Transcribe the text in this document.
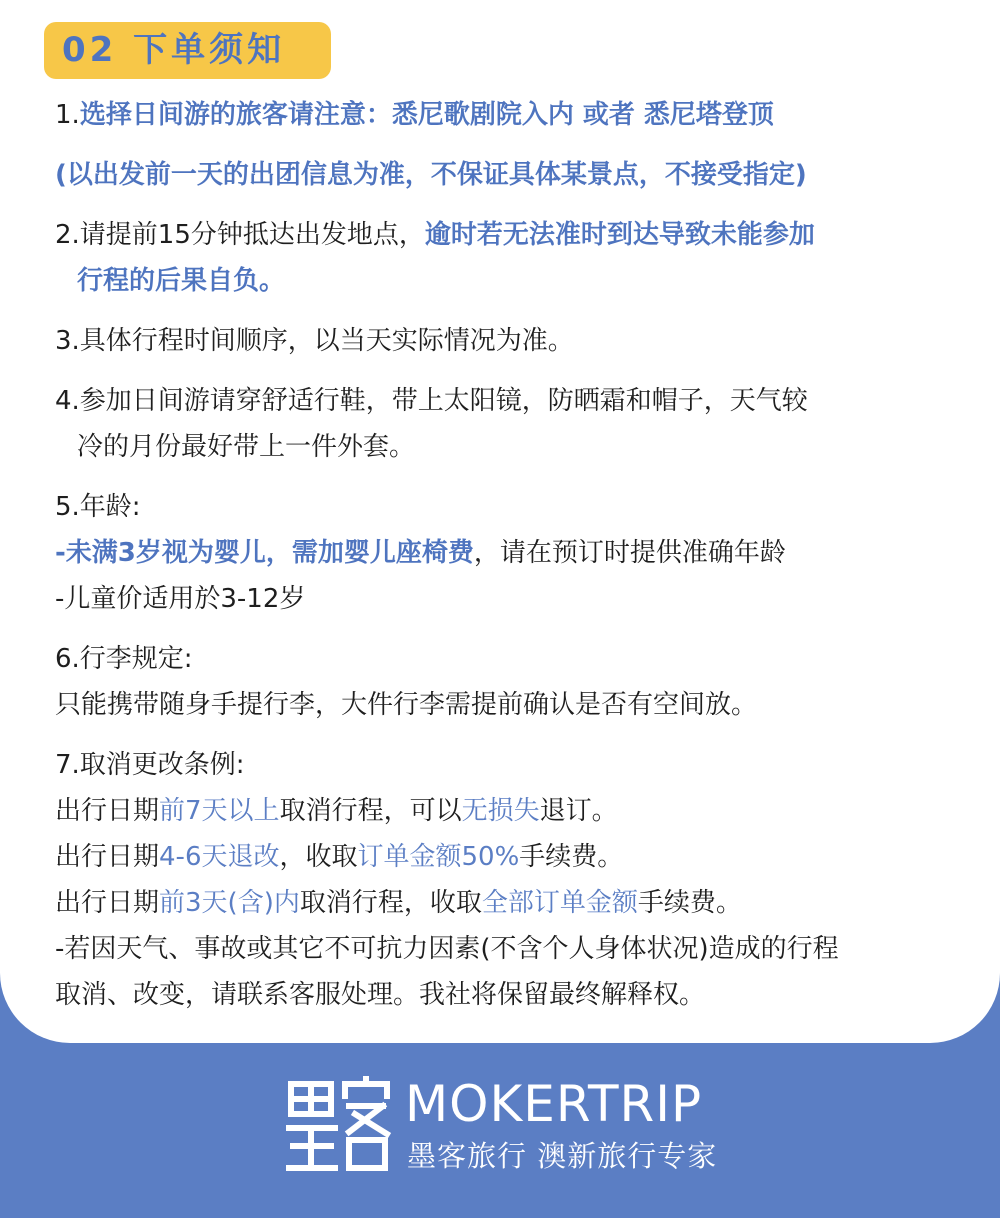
02 下单须知

1.选择日间游的旅客请注意：悉尼歌剧院入内 或者 悉尼塔登顶

(以出发前一天的出团信息为准，不保证具体某景点，不接受指定)

2.请提前15分钟抵达出发地点，逾时若无法准时到达导致未能参加

行程的后果自负。

3.具体行程时间顺序，以当天实际情况为准。

4.参加日间游请穿舒适行鞋，带上太阳镜，防晒霜和帽子，天气较

冷的月份最好带上一件外套。

5.年龄:

-未满3岁视为婴儿，需加婴儿座椅费，请在预订时提供准确年龄

-儿童价适用於3-12岁

6.行李规定:

只能携带随身手提行李，大件行李需提前确认是否有空间放。

7.取消更改条例:

出行日期前7天以上取消行程，可以无损失退订。

出行日期4-6天退改，收取订单金额50%手续费。

出行日期前3天(含)内取消行程，收取全部订单金额手续费。

-若因天气、事故或其它不可抗力因素(不含个人身体状况)造成的行程

取消、改变，请联系客服处理。我社将保留最终解释权。

MOKERTRIP
墨客旅行 澳新旅行专家
